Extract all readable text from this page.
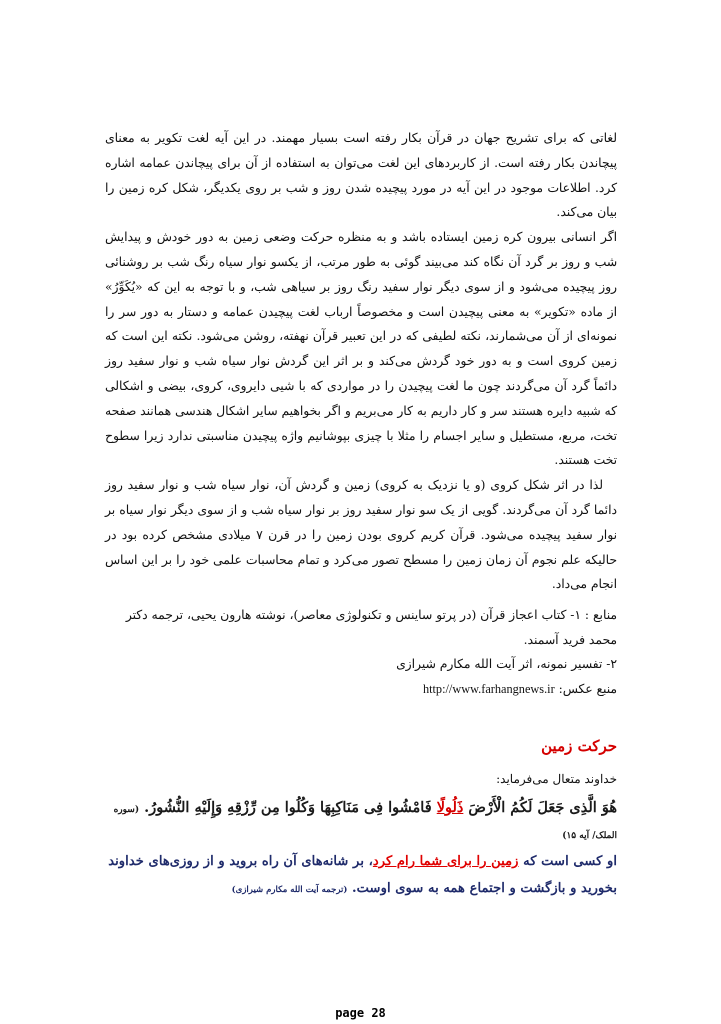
لغاتی که برای تشریح جهان در قرآن بکار رفته است بسیار مهمند. در این آیه لغت تکویر به معنای پیچاندن بکار رفته است. از کاربردهای این لغت می‌توان به استفاده از آن برای پیچاندن عمامه اشاره کرد. اطلاعات موجود در این آیه در مورد پیچیده شدن روز و شب بر روی یکدیگر، شکل کره زمین را بیان می‌کند.

اگر انسانی بیرون کره زمین ایستاده باشد و به منظره حرکت وضعی زمین به دور خودش و پیدایش شب و روز بر گرد آن نگاه کند می‌بیند گوئی به طور مرتب، از یکسو نوار سیاه رنگ شب بر روشنائی روز پیچیده می‌شود و از سوی دیگر نوار سفید رنگ روز بر سیاهی شب، و با توجه به این که «یُکَوِّرُ» از ماده «تکویر» به معنی پیچیدن است و مخصوصاً ارباب لغت پیچیدن عمامه و دستار به دور سر را نمونه‌ای از آن می‌شمارند، نکته لطیفی که در این تعبیر قرآن نهفته، روشن می‌شود. نکته این است که زمین کروی است و به دور خود گردش می‌کند و بر اثر این گردش نوار سیاه شب و نوار سفید روز دائماً گرد آن می‌گردند چون ما لغت پیچیدن را در مواردی که با شیی دایروی، کروی، بیضی و اشکالی که شبیه دایره هستند سر و کار داریم به کار می‌بریم و اگر بخواهیم سایر اشکال هندسی همانند صفحه تخت، مربع، مستطیل و سایر اجسام را مثلا با چیزی بپوشانیم واژه پیچیدن مناسبتی ندارد زیرا سطوح تخت هستند.

لذا در اثر شکل کروی (و یا نزدیک به کروی) زمین و گردش آن، نوار سیاه شب و نوار سفید روز دائما گرد آن می‌گردند. گویی از یک سو نوار سفید روز بر نوار سیاه شب و از سوی دیگر نوار سیاه بر نوار سفید پیچیده می‌شود. قرآن کریم کروی بودن زمین را در قرن ۷ میلادی مشخص کرده بود در حالیکه علم نجوم آن زمان زمین را مسطح تصور می‌کرد و تمام محاسبات علمی خود را بر این اساس انجام می‌داد.

منابع : ۱- کتاب اعجاز قرآن (در پرتو ساینس و تکنولوژی معاصر)، نوشته هارون یحیی، ترجمه دکتر
محمد فرید آسمند.
۲- تفسیر نمونه، اثر آیت الله مکارم شیرازی
منبع عکس: http://www.farhangnews.ir
حرکت زمین
خداوند متعال می‌فرماید:
هُوَ الَّذِی جَعَلَ لَکُمُ الْأَرْضَ ذَلُولًا فَامْشُوا فِی مَنَاکِبِهَا وَکُلُوا مِن رِّزْقِهِ وَإِلَیْهِ النُّشُورُ. (سوره الملک/ آیه ۱۵)
او کسی است که زمین را برای شما رام کرد، بر شانه‌های آن راه بروید و از روزی‌های خداوند بخورید و بازگشت و اجتماع همه به سوی اوست. (ترجمه آیت الله مکارم شیرازی)
page 28
